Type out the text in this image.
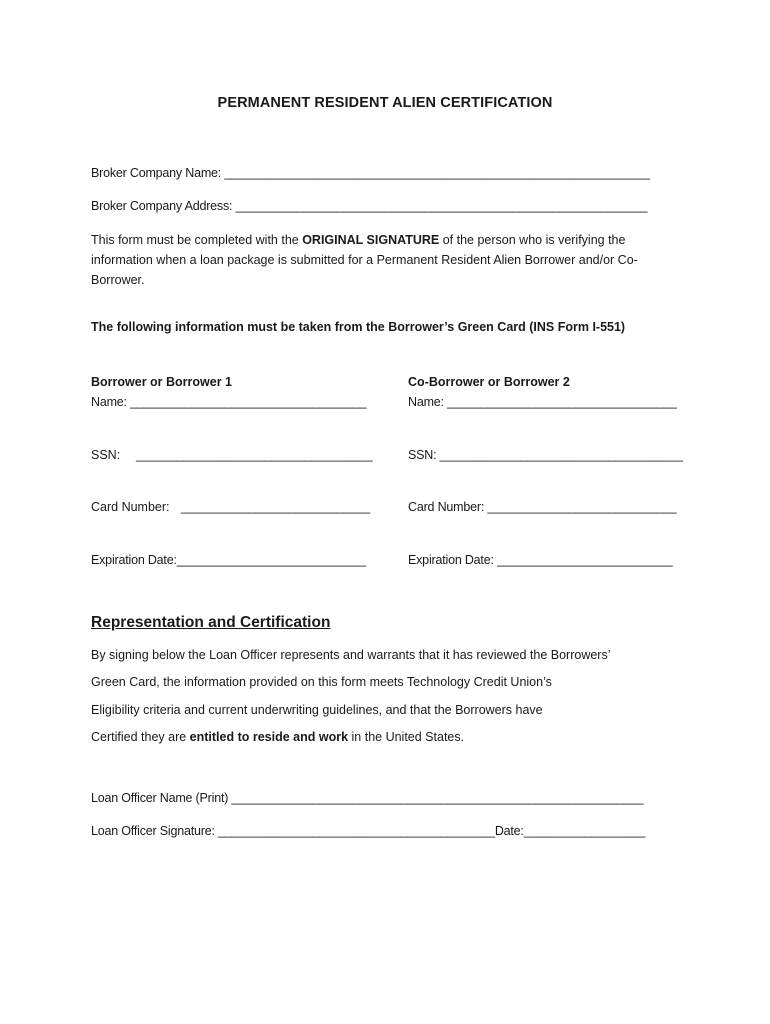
PERMANENT RESIDENT ALIEN CERTIFICATION
Broker Company Name: _______________________________________________________________
Broker Company Address: _____________________________________________________________
This form must be completed with the ORIGINAL SIGNATURE of the person who is verifying the information when a loan package is submitted for a Permanent Resident Alien Borrower and/or Co-Borrower.
The following information must be taken from the Borrower’s Green Card (INS Form I-551)
Borrower or Borrower 1
Name: ___________________________________
SSN: ___________________________________
Card Number: ____________________________
Expiration Date:____________________________
Co-Borrower or Borrower 2
Name: __________________________________
SSN: ____________________________________
Card Number: ____________________________
Expiration Date: __________________________
Representation and Certification
By signing below the Loan Officer represents and warrants that it has reviewed the Borrowers’
Green Card, the information provided on this form meets Technology Credit Union’s
Eligibility criteria and current underwriting guidelines, and that the Borrowers have
Certified they are entitled to reside and work in the United States.
Loan Officer Name (Print) _____________________________________________________________
Loan Officer Signature: _________________________________________Date:__________________
